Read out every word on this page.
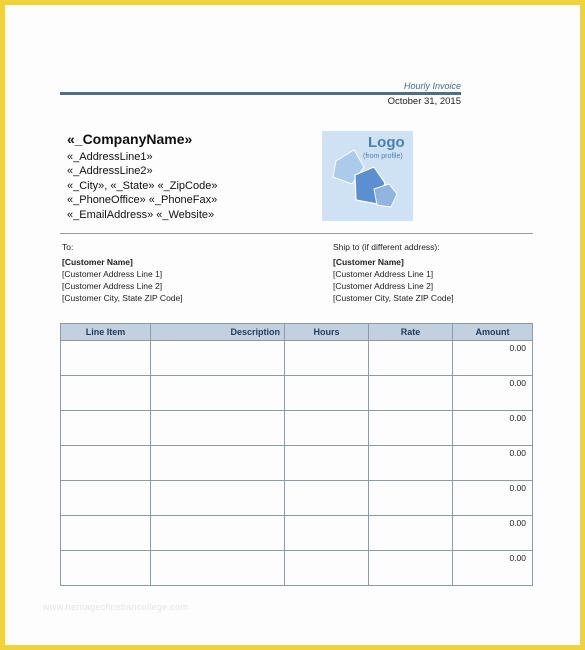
Hourly Invoice
October 31, 2015
«_CompanyName»
«_AddressLine1»
«_AddressLine2»
«_City», «_State» «_ZipCode»
«_PhoneOffice» «_PhoneFax»
«_EmailAddress» «_Website»
Logo
(from profile)
To:
[Customer Name]
[Customer Address Line 1]
[Customer Address Line 2]
[Customer City, State ZIP Code]
Ship to (if different address):
[Customer Name]
[Customer Address Line 1]
[Customer Address Line 2]
[Customer City, State ZIP Code]
Line Item	Description	Hours	Rate	Amount
				0.00
				0.00
				0.00
				0.00
				0.00
				0.00
				0.00
www.heritagechristiancollege.com
